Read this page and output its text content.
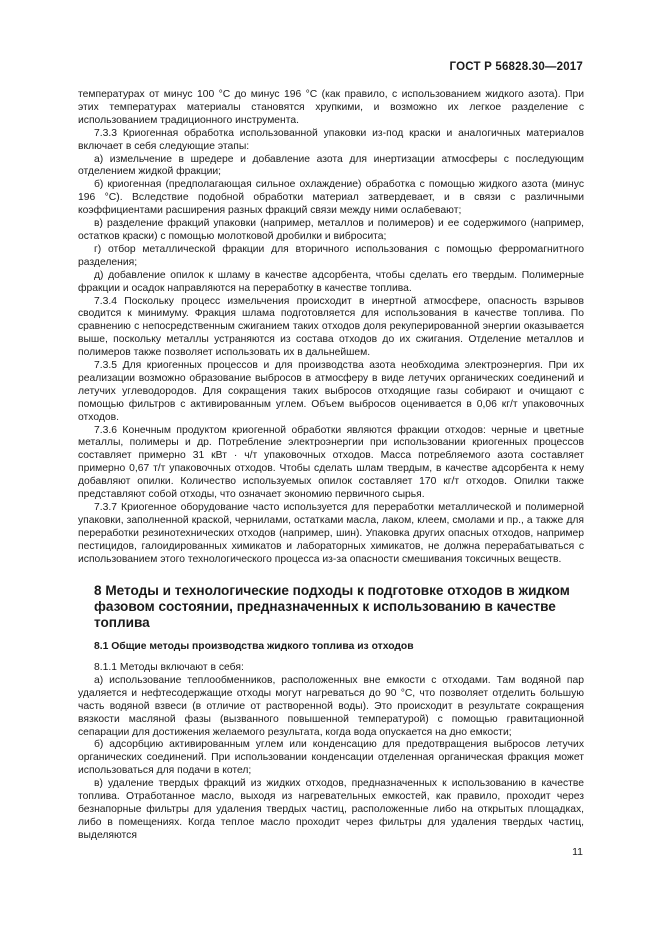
ГОСТ Р 56828.30—2017

температурах от минус 100 °С до минус 196 °С (как правило, с использованием жидкого азота). При этих температурах материалы становятся хрупкими, и возможно их легкое разделение с использованием традиционного инструмента.

7.3.3 Криогенная обработка использованной упаковки из-под краски и аналогичных материалов включает в себя следующие этапы:

а) измельчение в шредере и добавление азота для инертизации атмосферы с последующим отделением жидкой фракции;

б) криогенная (предполагающая сильное охлаждение) обработка с помощью жидкого азота (минус 196 °С). Вследствие подобной обработки материал затвердевает, и в связи с различными коэффициентами расширения разных фракций связи между ними ослабевают;

в) разделение фракций упаковки (например, металлов и полимеров) и ее содержимого (например, остатков краски) с помощью молотковой дробилки и вибросита;

г) отбор металлической фракции для вторичного использования с помощью ферромагнитного разделения;

д) добавление опилок к шламу в качестве адсорбента, чтобы сделать его твердым. Полимерные фракции и осадок направляются на переработку в качестве топлива.

7.3.4 Поскольку процесс измельчения происходит в инертной атмосфере, опасность взрывов сводится к минимуму. Фракция шлама подготовляется для использования в качестве топлива. По сравнению с непосредственным сжиганием таких отходов доля рекуперированной энергии оказывается выше, поскольку металлы устраняются из состава отходов до их сжигания. Отделение металлов и полимеров также позволяет использовать их в дальнейшем.

7.3.5 Для криогенных процессов и для производства азота необходима электроэнергия. При их реализации возможно образование выбросов в атмосферу в виде летучих органических соединений и летучих углеводородов. Для сокращения таких выбросов отходящие газы собирают и очищают с помощью фильтров с активированным углем. Объем выбросов оценивается в 0,06 кг/т упаковочных отходов.

7.3.6 Конечным продуктом криогенной обработки являются фракции отходов: черные и цветные металлы, полимеры и др. Потребление электроэнергии при использовании криогенных процессов составляет примерно 31 кВт · ч/т упаковочных отходов. Масса потребляемого азота составляет примерно 0,67 т/т упаковочных отходов. Чтобы сделать шлам твердым, в качестве адсорбента к нему добавляют опилки. Количество используемых опилок составляет 170 кг/т отходов. Опилки также представляют собой отходы, что означает экономию первичного сырья.

7.3.7 Криогенное оборудование часто используется для переработки металлической и полимерной упаковки, заполненной краской, чернилами, остатками масла, лаком, клеем, смолами и пр., а также для переработки резинотехнических отходов (например, шин). Упаковка других опасных отходов, например пестицидов, галоидированных химикатов и лабораторных химикатов, не должна перерабатываться с использованием этого технологического процесса из-за опасности смешивания токсичных веществ.

8 Методы и технологические подходы к подготовке отходов в жидком фазовом состоянии, предназначенных к использованию в качестве топлива
8.1 Общие методы производства жидкого топлива из отходов

8.1.1 Методы включают в себя:

а) использование теплообменников, расположенных вне емкости с отходами. Там водяной пар удаляется и нефтесодержащие отходы могут нагреваться до 90 °С, что позволяет отделить большую часть водяной взвеси (в отличие от растворенной воды). Это происходит в результате сокращения вязкости масляной фазы (вызванного повышенной температурой) с помощью гравитационной сепарации для достижения желаемого результата, когда вода опускается на дно емкости;

б) адсорбцию активированным углем или конденсацию для предотвращения выбросов летучих органических соединений. При использовании конденсации отделенная органическая фракция может использоваться для подачи в котел;

в) удаление твердых фракций из жидких отходов, предназначенных к использованию в качестве топлива. Отработанное масло, выходя из нагревательных емкостей, как правило, проходит через безнапорные фильтры для удаления твердых частиц, расположенные либо на открытых площадках, либо в помещениях. Когда теплое масло проходит через фильтры для удаления твердых частиц, выделяются

11
